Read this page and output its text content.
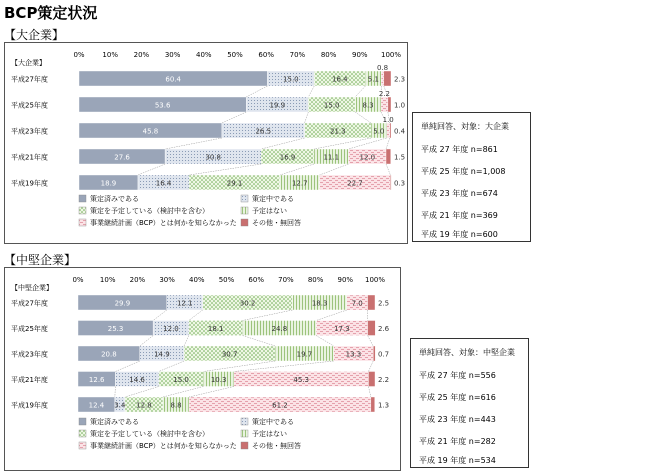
BCP策定状況
【大企業】
【大企業】
0%	10% 20% 30% 40% 50% 60% 70% 80% 90% 100%
平成27年度
平成25年度
平成23年度
平成21年度
平成19年度
60.4	15.0	16.4	5.1
0.8
2.3
53.6	19.9	15.0	8.3
2.2
1.0
45.8	26.5	21.3	5.0
1.0
0.4
27.6	30.8	16.9	11.1	12.0	1.5
18.9	16.4	29.1	12.7	22.7	0.3
策定済みである	策定中である
策定を予定している（検討中を含む）	予定はない
事業継続計画（BCP）とは何かを知らなかった その他・無回答
単純回答、対象：大企業
平成 27 年度 n=861
平成 25 年度 n=1,008
平成 23 年度 n=674
平成 21 年度 n=369
平成 19 年度 n=600
【中堅企業】
【中堅企業】
0% 10% 20% 30% 40% 50% 60% 70% 80% 90% 100%
平成27年度
平成25年度
平成23年度
平成21年度
平成19年度
29.9	12.1	30.2	18.3	7.0 2.5
25.3	12.0	18.1	24.8	17.3	2.6
20.8	14.9	30.7	19.7	13.3 0.7
12.6	14.6	15.0	10.3	45.3	2.2
12.4 3.4 12.8	8.8	61.2	1.3
策定済みである	策定中である
策定を予定している（検討中を含む）	予定はない
事業継続計画（BCP）とは何かを知らなかった その他・無回答
単純回答、対象：中堅企業
平成 27 年度 n=556
平成 25 年度 n=616
平成 23 年度 n=443
平成 21 年度 n=282
平成 19 年度 n=534
